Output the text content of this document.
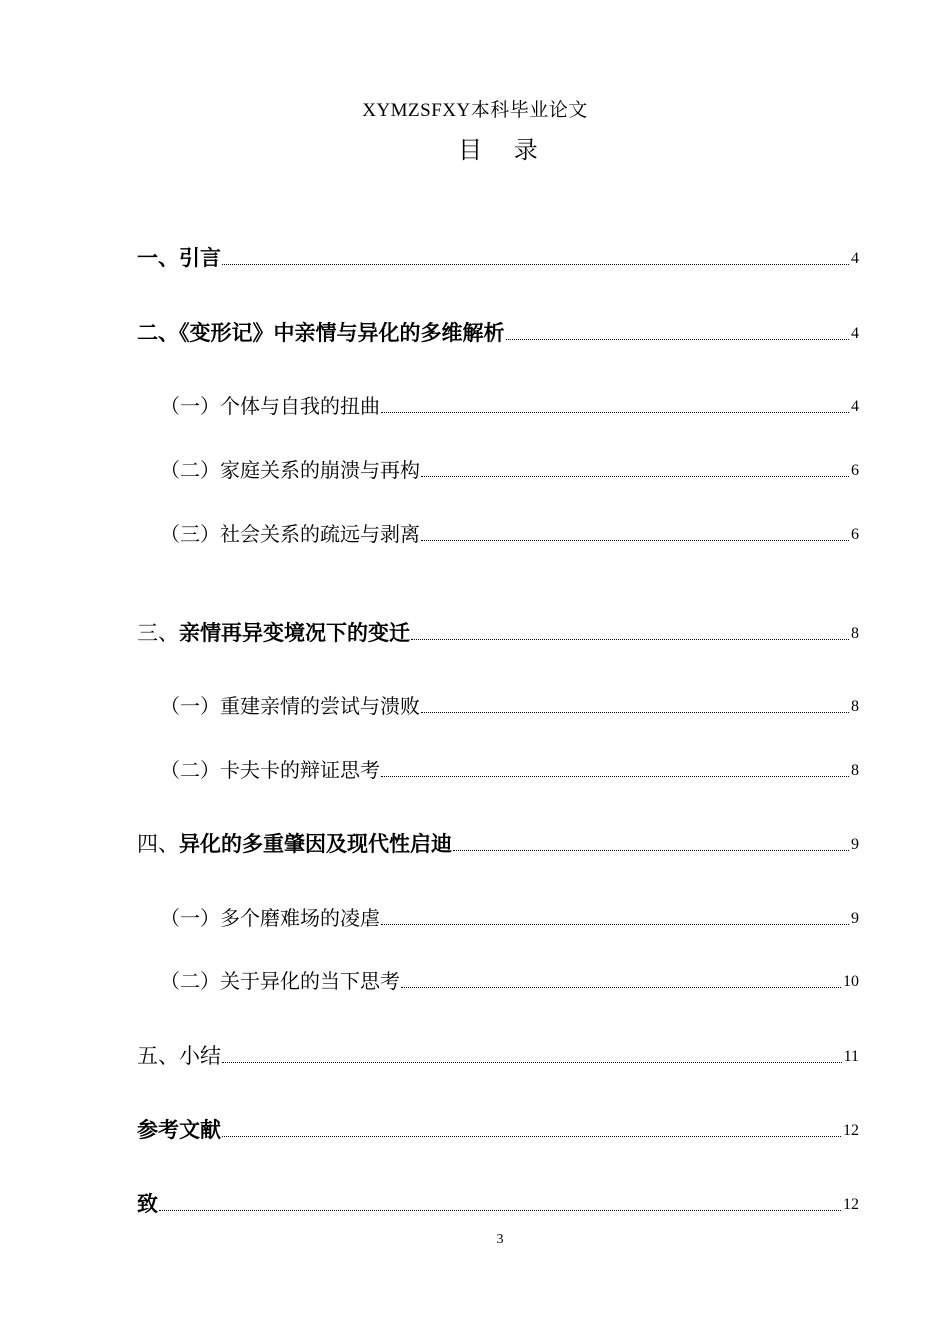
XYMZSFXY本科毕业论文
目 录
一、引言	4
二、《变形记》中亲情与异化的多维解析	4
（一）个体与自我的扭曲	4
（二）家庭关系的崩溃与再构	6
（三）社会关系的疏远与剥离	6
三、亲情再异变境况下的变迁	8
（一）重建亲情的尝试与溃败	8
（二）卡夫卡的辩证思考	8
四、异化的多重肇因及现代性启迪	9
（一）多个磨难场的凌虐	9
（二）关于异化的当下思考	10
五、小结	11
参考文献	12
致	12
3
